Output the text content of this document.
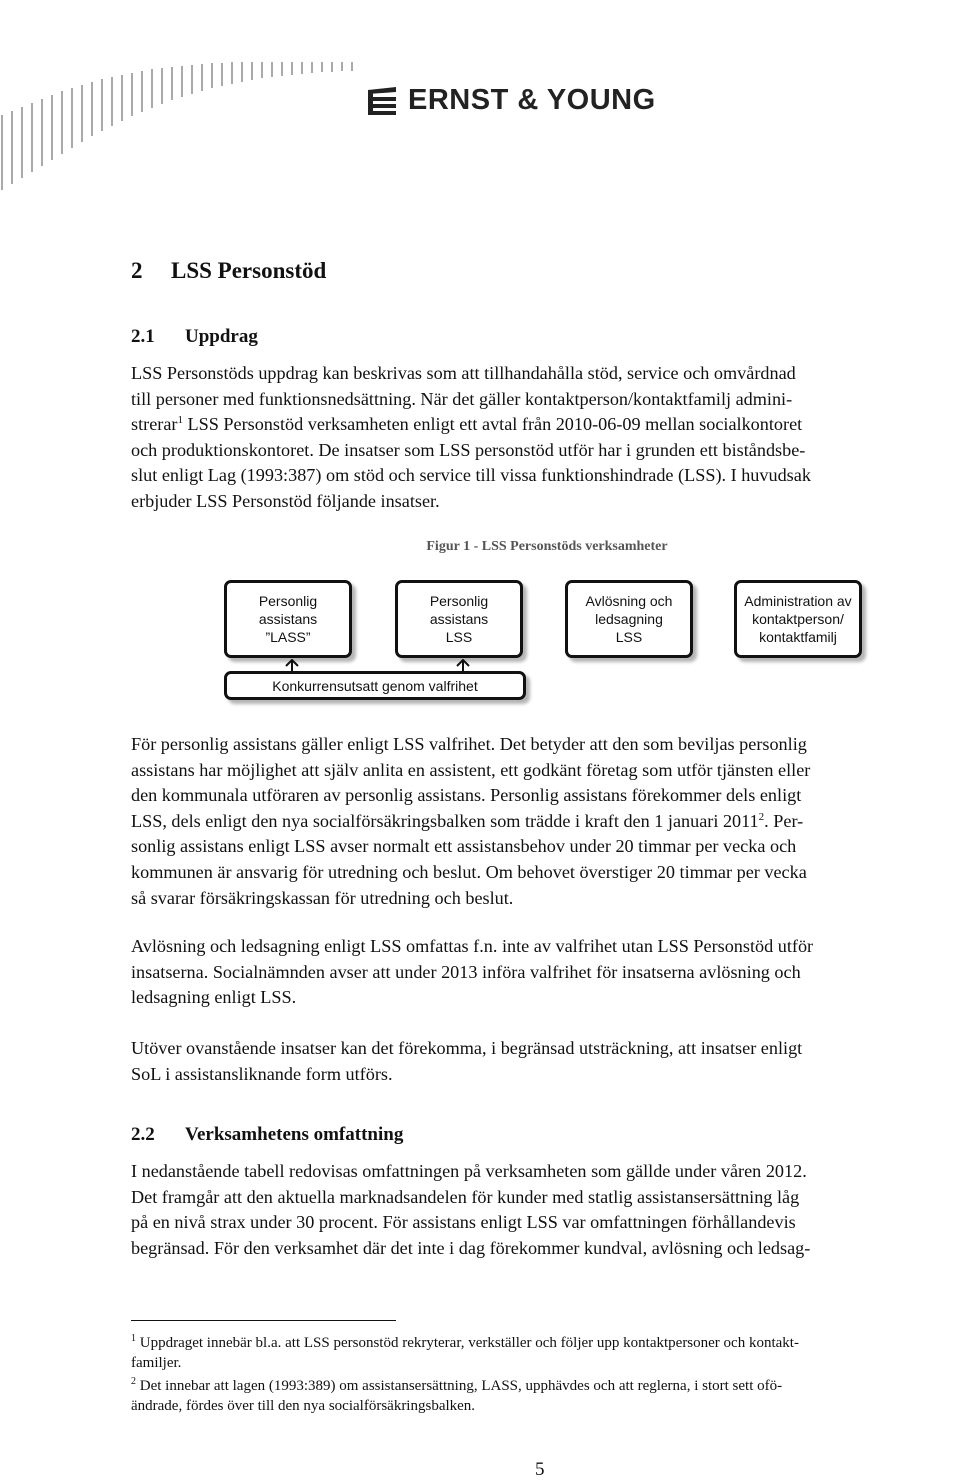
ERNST & YOUNG
2 LSS Personstöd
2.1 Uppdrag

LSS Personstöds uppdrag kan beskrivas som att tillhandahålla stöd, service och omvårdnad

till personer med funktionsnedsättning. När det gäller kontaktperson/kontaktfamilj admini-

strerar$^1$ LSS Personstöd verksamheten enligt ett avtal från 2010-06-09 mellan socialkontoret

och produktionskontoret. De insatser som LSS personstöd utför har i grunden ett biståndsbe-

slut enligt Lag (1993:387) om stöd och service till vissa funktionshindrade (LSS). I huvudsak

erbjuder LSS Personstöd följande insatser.

Figur 1 - LSS Personstöds verksamheter
Personlig
assistans
”LASS”
Personlig
assistans
LSS
Avlösning och
ledsagning
LSS
Administration av
kontaktperson/
kontaktfamilj
Konkurrensutsatt genom valfrihet

För personlig assistans gäller enligt LSS valfrihet. Det betyder att den som beviljas personlig

assistans har möjlighet att själv anlita en assistent, ett godkänt företag som utför tjänsten eller

den kommunala utföraren av personlig assistans. Personlig assistans förekommer dels enligt

LSS, dels enligt den nya socialförsäkringsbalken som trädde i kraft den 1 januari 2011$^2$. Per-

sonlig assistans enligt LSS avser normalt ett assistansbehov under 20 timmar per vecka och

kommunen är ansvarig för utredning och beslut. Om behovet överstiger 20 timmar per vecka

så svarar försäkringskassan för utredning och beslut.

Avlösning och ledsagning enligt LSS omfattas f.n. inte av valfrihet utan LSS Personstöd utför

insatserna. Socialnämnden avser att under 2013 införa valfrihet för insatserna avlösning och

ledsagning enligt LSS.

Utöver ovanstående insatser kan det förekomma, i begränsad utsträckning, att insatser enligt

SoL i assistansliknande form utförs.

2.2 Verksamhetens omfattning

I nedanstående tabell redovisas omfattningen på verksamheten som gällde under våren 2012.

Det framgår att den aktuella marknadsandelen för kunder med statlig assistansersättning låg

på en nivå strax under 30 procent. För assistans enligt LSS var omfattningen förhållandevis

begränsad. För den verksamhet där det inte i dag förekommer kundval, avlösning och ledsag-

$^1$ Uppdraget innebär bl.a. att LSS personstöd rekryterar, verkställer och följer upp kontaktpersoner och kontakt-

familjer.

$^2$ Det innebar att lagen (1993:389) om assistansersättning, LASS, upphävdes och att reglerna, i stort sett ofö-

ändrade, fördes över till den nya socialförsäkringsbalken.

5
